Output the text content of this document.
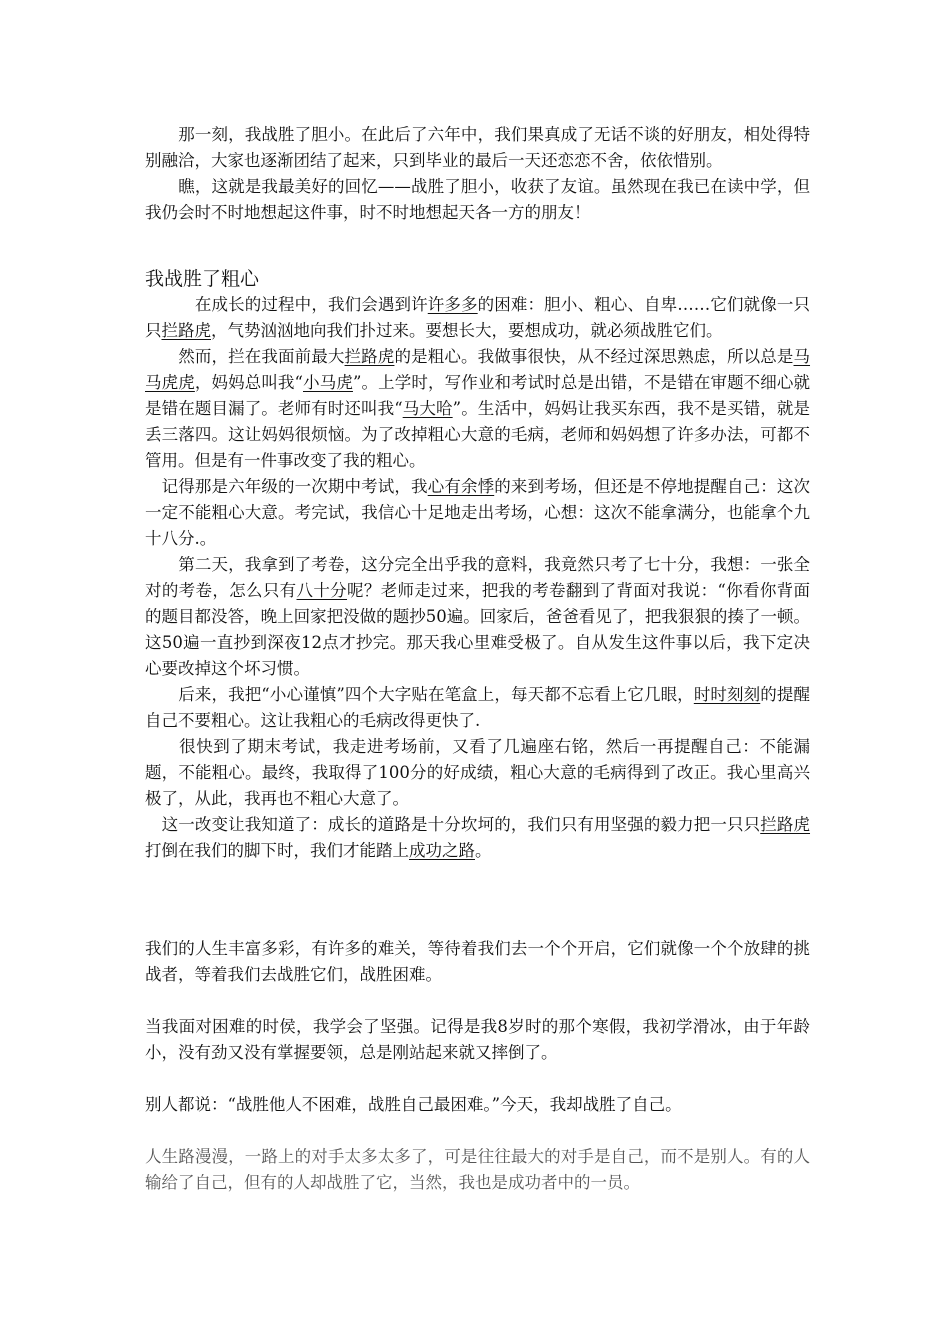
　　那一刻，我战胜了胆小。在此后了六年中，我们果真成了无话不谈的好朋友，相处得特别融洽，大家也逐渐团结了起来，只到毕业的最后一天还恋恋不舍，依依惜别。

　　瞧，这就是我最美好的回忆——战胜了胆小，收获了友谊。虽然现在我已在读中学，但我仍会时不时地想起这件事，时不时地想起天各一方的朋友！

我战胜了粗心

　　　在成长的过程中，我们会遇到许许多多的困难：胆小、粗心、自卑……它们就像一只只拦路虎，气势汹汹地向我们扑过来。要想长大，要想成功，就必须战胜它们。

　　然而，拦在我面前最大拦路虎的是粗心。我做事很快，从不经过深思熟虑，所以总是马马虎虎，妈妈总叫我“小马虎”。上学时，写作业和考试时总是出错，不是错在审题不细心就是错在题目漏了。老师有时还叫我“马大哈”。生活中，妈妈让我买东西，我不是买错，就是丢三落四。这让妈妈很烦恼。为了改掉粗心大意的毛病，老师和妈妈想了许多办法，可都不管用。但是有一件事改变了我的粗心。

　记得那是六年级的一次期中考试，我心有余悸的来到考场，但还是不停地提醒自己：这次一定不能粗心大意。考完试，我信心十足地走出考场，心想：这次不能拿满分，也能拿个九十八分.。

　　第二天，我拿到了考卷，这分完全出乎我的意料，我竟然只考了七十分，我想：一张全对的考卷，怎么只有八十分呢？老师走过来，把我的考卷翻到了背面对我说：“你看你背面的题目都没答，晚上回家把没做的题抄50遍。回家后，爸爸看见了，把我狠狠的揍了一顿。这50遍一直抄到深夜12点才抄完。那天我心里难受极了。自从发生这件事以后，我下定决心要改掉这个坏习惯。

　　后来，我把“小心谨慎”四个大字贴在笔盒上，每天都不忘看上它几眼，时时刻刻的提醒自己不要粗心。这让我粗心的毛病改得更快了.

　　很快到了期末考试，我走进考场前，又看了几遍座右铭，然后一再提醒自己：不能漏题，不能粗心。最终，我取得了100分的好成绩，粗心大意的毛病得到了改正。我心里高兴极了，从此，我再也不粗心大意了。

　这一改变让我知道了：成长的道路是十分坎坷的，我们只有用坚强的毅力把一只只拦路虎打倒在我们的脚下时，我们才能踏上成功之路。

我们的人生丰富多彩，有许多的难关，等待着我们去一个个开启，它们就像一个个放肆的挑战者，等着我们去战胜它们，战胜困难。

当我面对困难的时侯，我学会了坚强。记得是我8岁时的那个寒假，我初学滑冰，由于年龄小，没有劲又没有掌握要领，总是刚站起来就又摔倒了。

别人都说：“战胜他人不困难，战胜自己最困难。”今天，我却战胜了自己。

人生路漫漫，一路上的对手太多太多了，可是往往最大的对手是自己，而不是别人。有的人输给了自己，但有的人却战胜了它，当然，我也是成功者中的一员。
